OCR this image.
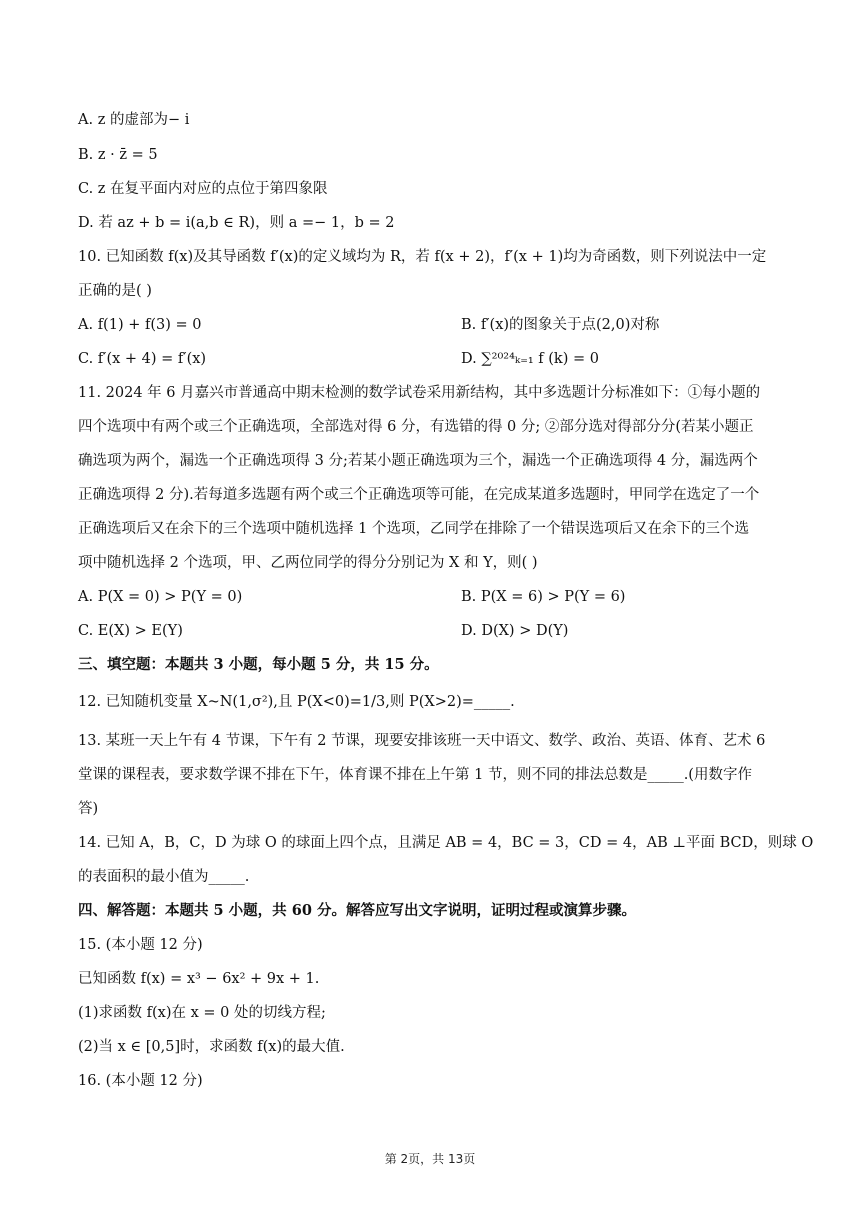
A. z 的虚部为− i
B. z · z̄ = 5
C. z 在复平面内对应的点位于第四象限
D. 若 az + b = i(a,b ∈ R)，则 a =− 1，b = 2
10. 已知函数 f(x)及其导函数 f′(x)的定义域均为 R，若 f(x + 2)，f′(x + 1)均为奇函数，则下列说法中一定
正确的是( )
A. f(1) + f(3) = 0	B. f′(x)的图象关于点(2,0)对称
C. f′(x + 4) = f′(x)	D. ∑²⁰²⁴ₖ₌₁ f (k) = 0
11. 2024 年 6 月嘉兴市普通高中期末检测的数学试卷采用新结构，其中多选题计分标准如下：①每小题的
四个选项中有两个或三个正确选项，全部选对得 6 分，有选错的得 0 分; ②部分选对得部分分(若某小题正
确选项为两个，漏选一个正确选项得 3 分;若某小题正确选项为三个，漏选一个正确选项得 4 分，漏选两个
正确选项得 2 分).若每道多选题有两个或三个正确选项等可能，在完成某道多选题时，甲同学在选定了一个
正确选项后又在余下的三个选项中随机选择 1 个选项，乙同学在排除了一个错误选项后又在余下的三个选
项中随机选择 2 个选项，甲、乙两位同学的得分分别记为 X 和 Y，则( )
A. P(X = 0) > P(Y = 0)	B. P(X = 6) > P(Y = 6)
C. E(X) > E(Y)	D. D(X) > D(Y)
三、填空题：本题共 3 小题，每小题 5 分，共 15 分。
12. 已知随机变量 X~N(1,σ²),且 P(X<0)=1/3,则 P(X>2)=_____.
13. 某班一天上午有 4 节课，下午有 2 节课，现要安排该班一天中语文、数学、政治、英语、体育、艺术 6
堂课的课程表，要求数学课不排在下午，体育课不排在上午第 1 节，则不同的排法总数是_____.(用数字作
答)
14. 已知 A，B，C，D 为球 O 的球面上四个点，且满足 AB = 4，BC = 3，CD = 4，AB ⊥平面 BCD，则球 O
的表面积的最小值为_____.
四、解答题：本题共 5 小题，共 60 分。解答应写出文字说明，证明过程或演算步骤。
15. (本小题 12 分)
已知函数 f(x) = x³ − 6x² + 9x + 1.
(1)求函数 f(x)在 x = 0 处的切线方程;
(2)当 x ∈ [0,5]时，求函数 f(x)的最大值.
16. (本小题 12 分)
第 2页，共 13页
